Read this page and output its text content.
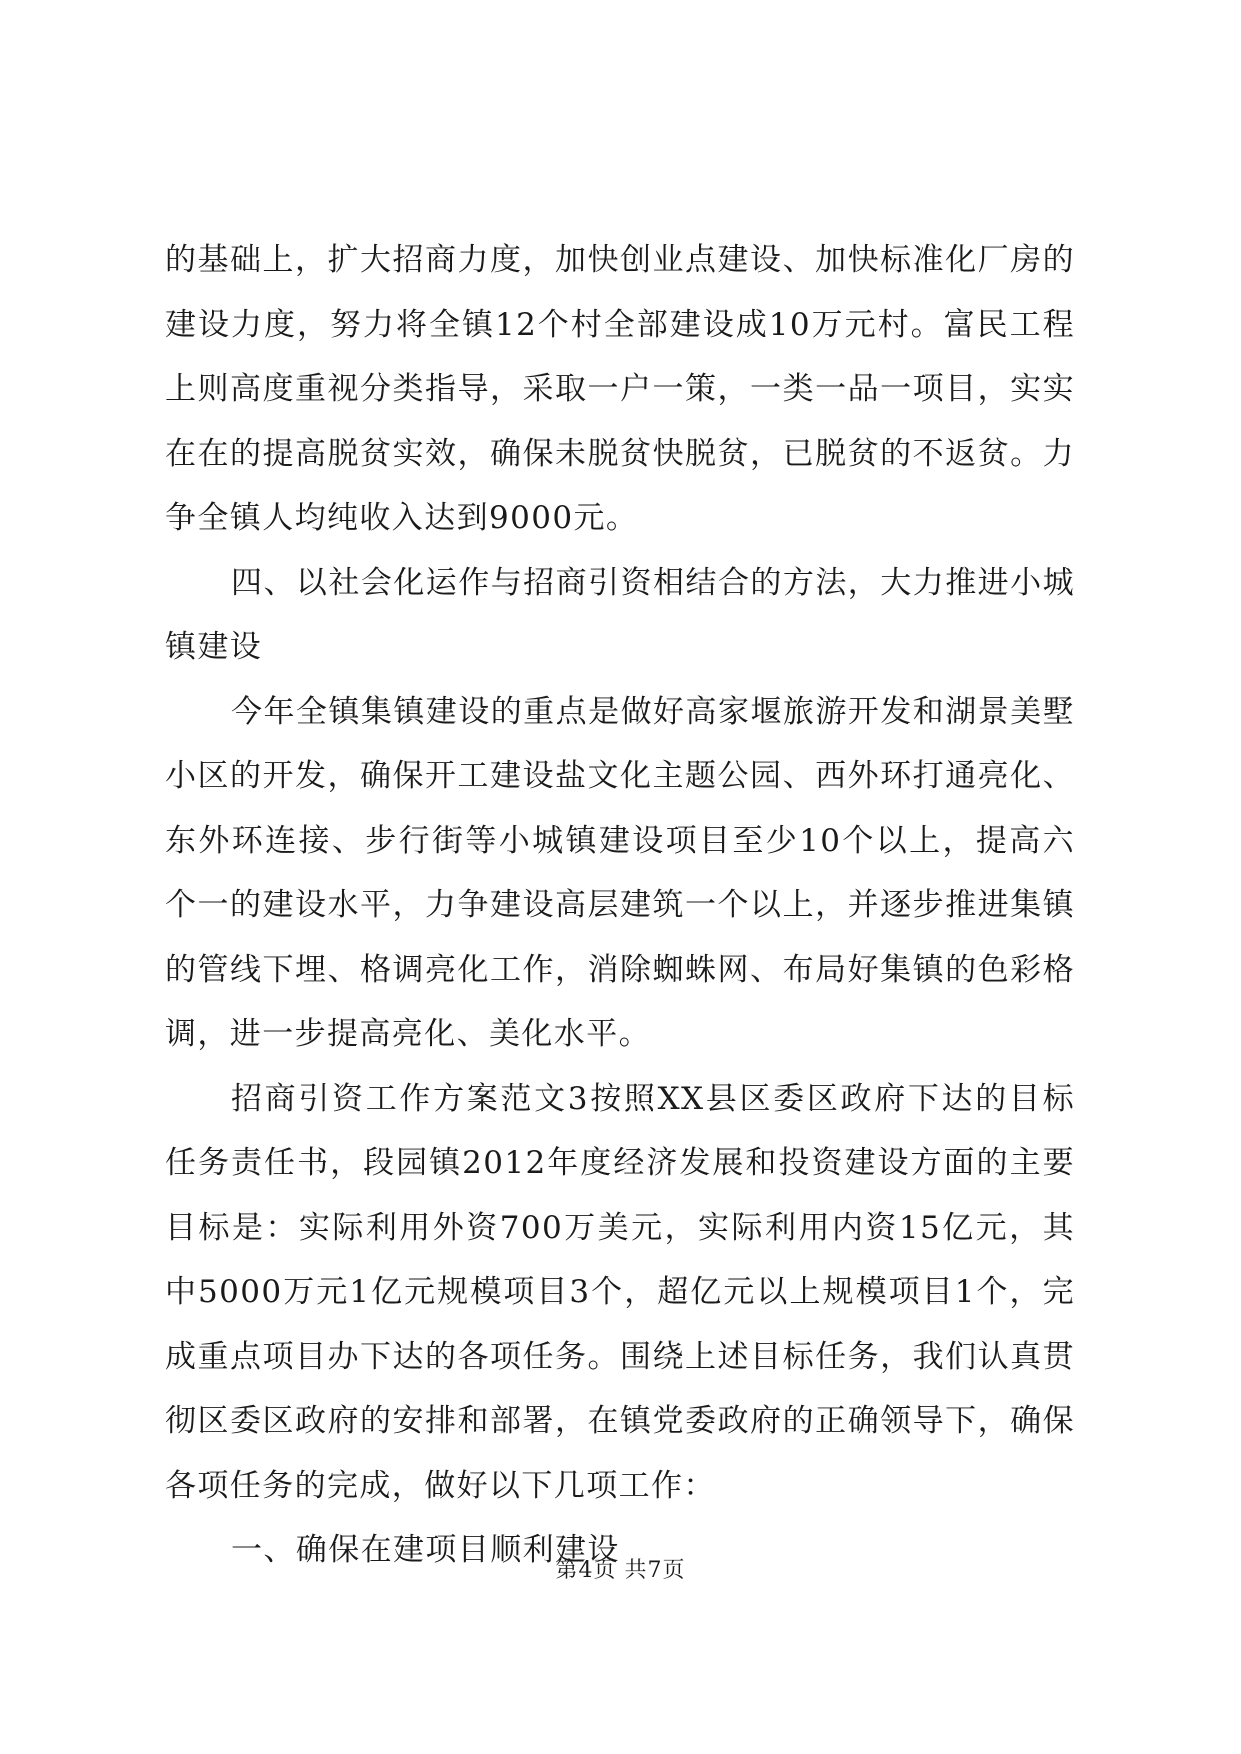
的基础上，扩大招商力度，加快创业点建设、加快标准化厂房的建设力度，努力将全镇12个村全部建设成10万元村。富民工程上则高度重视分类指导，采取一户一策，一类一品一项目，实实在在的提高脱贫实效，确保未脱贫快脱贫，已脱贫的不返贫。力争全镇人均纯收入达到9000元。

四、以社会化运作与招商引资相结合的方法，大力推进小城镇建设

今年全镇集镇建设的重点是做好高家堰旅游开发和湖景美墅小区的开发，确保开工建设盐文化主题公园、西外环打通亮化、东外环连接、步行街等小城镇建设项目至少10个以上，提高六个一的建设水平，力争建设高层建筑一个以上，并逐步推进集镇的管线下埋、格调亮化工作，消除蜘蛛网、布局好集镇的色彩格调，进一步提高亮化、美化水平。

招商引资工作方案范文3按照XX县区委区政府下达的目标任务责任书，段园镇2012年度经济发展和投资建设方面的主要目标是：实际利用外资700万美元，实际利用内资15亿元，其中5000万元1亿元规模项目3个，超亿元以上规模项目1个，完成重点项目办下达的各项任务。围绕上述目标任务，我们认真贯彻区委区政府的安排和部署，在镇党委政府的正确领导下，确保各项任务的完成，做好以下几项工作：

一、确保在建项目顺利建设

第4页 共7页
